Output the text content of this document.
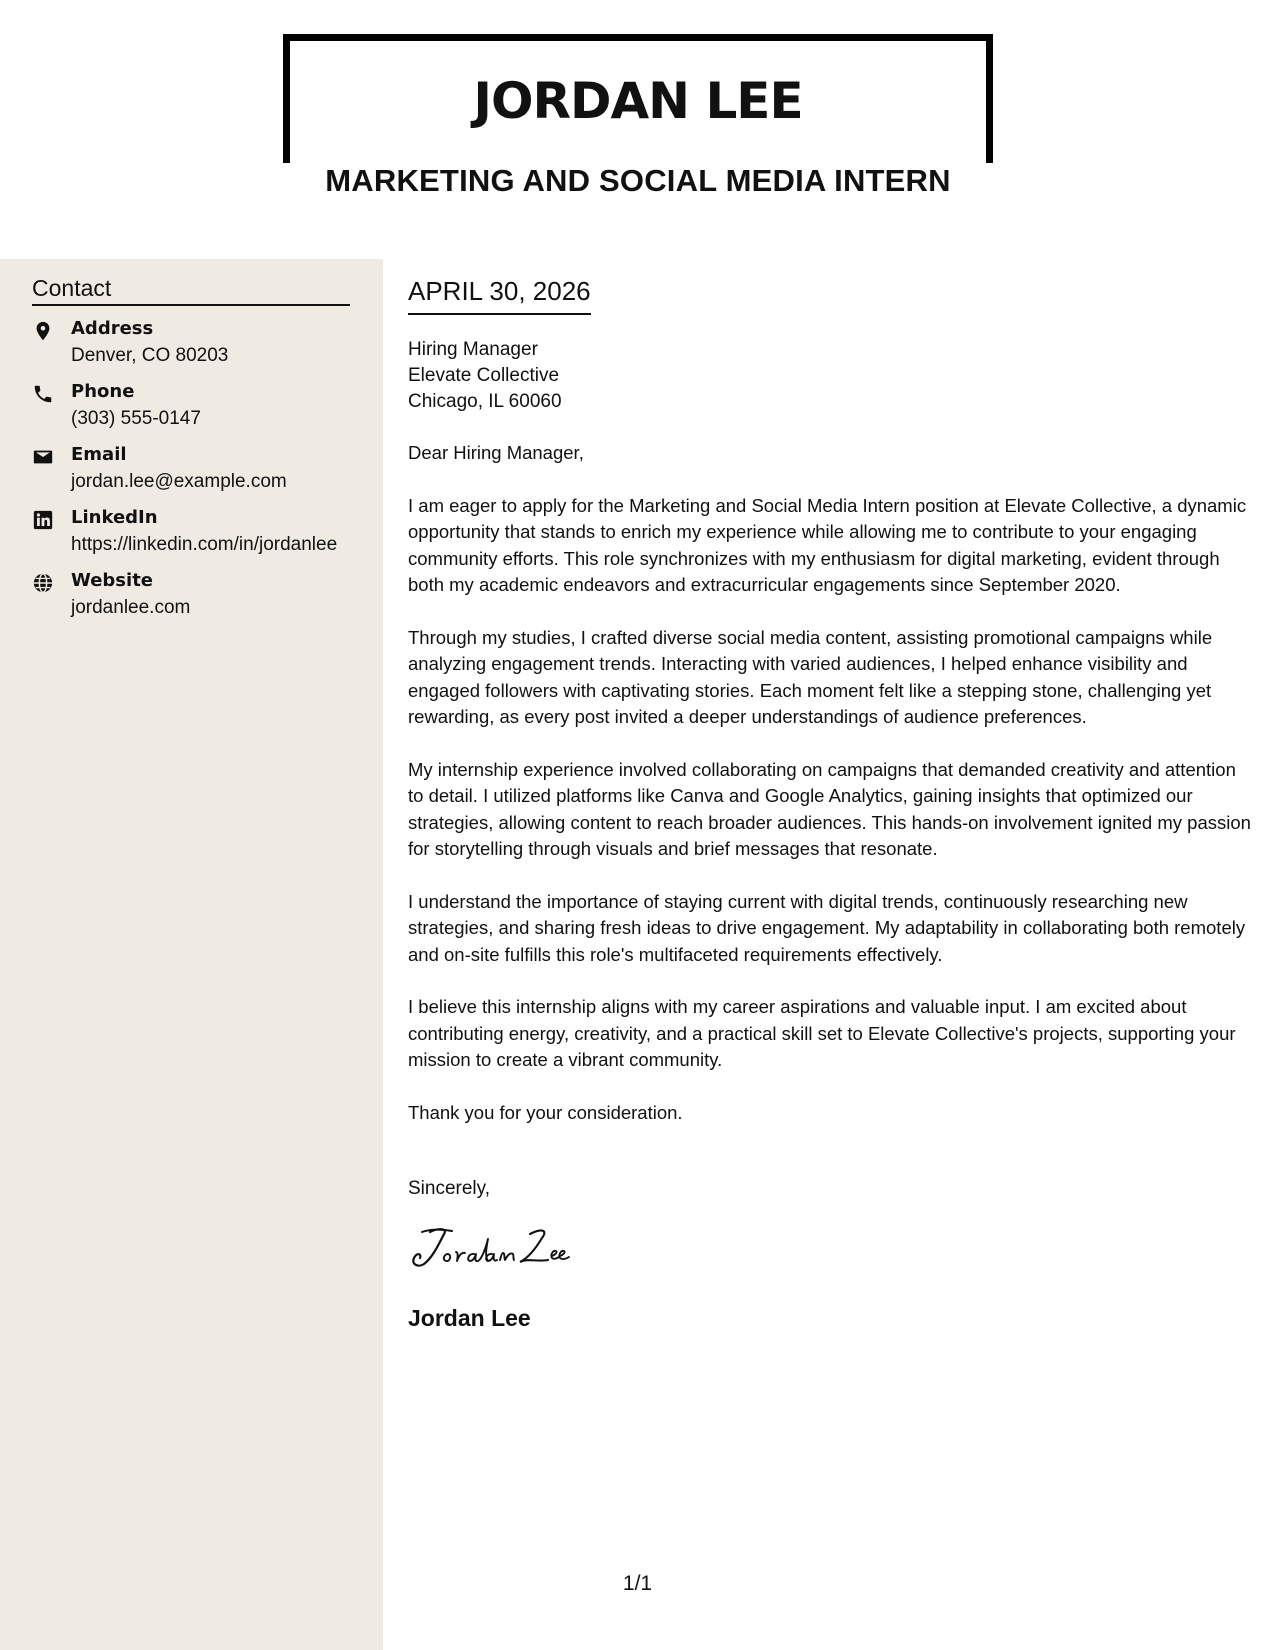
JORDAN LEE
MARKETING AND SOCIAL MEDIA INTERN
Contact
Address
Denver, CO 80203
Phone
(303) 555-0147
Email
jordan.lee@example.com
LinkedIn
https://linkedin.com/in/jordanlee
Website
jordanlee.com
APRIL 30, 2026
Hiring Manager
Elevate Collective
Chicago, IL 60060

Dear Hiring Manager,

I am eager to apply for the Marketing and Social Media Intern position at Elevate Collective, a dynamic opportunity that stands to enrich my experience while allowing me to contribute to your engaging community efforts. This role synchronizes with my enthusiasm for digital marketing, evident through both my academic endeavors and extracurricular engagements since September 2020.

Through my studies, I crafted diverse social media content, assisting promotional campaigns while analyzing engagement trends. Interacting with varied audiences, I helped enhance visibility and engaged followers with captivating stories. Each moment felt like a stepping stone, challenging yet rewarding, as every post invited a deeper understandings of audience preferences.

My internship experience involved collaborating on campaigns that demanded creativity and attention to detail. I utilized platforms like Canva and Google Analytics, gaining insights that optimized our strategies, allowing content to reach broader audiences. This hands-on involvement ignited my passion for storytelling through visuals and brief messages that resonate.

I understand the importance of staying current with digital trends, continuously researching new strategies, and sharing fresh ideas to drive engagement. My adaptability in collaborating both remotely and on-site fulfills this role's multifaceted requirements effectively.

I believe this internship aligns with my career aspirations and valuable input. I am excited about contributing energy, creativity, and a practical skill set to Elevate Collective's projects, supporting your mission to create a vibrant community.

Thank you for your consideration.

Sincerely,
Jordan Lee
1/1
